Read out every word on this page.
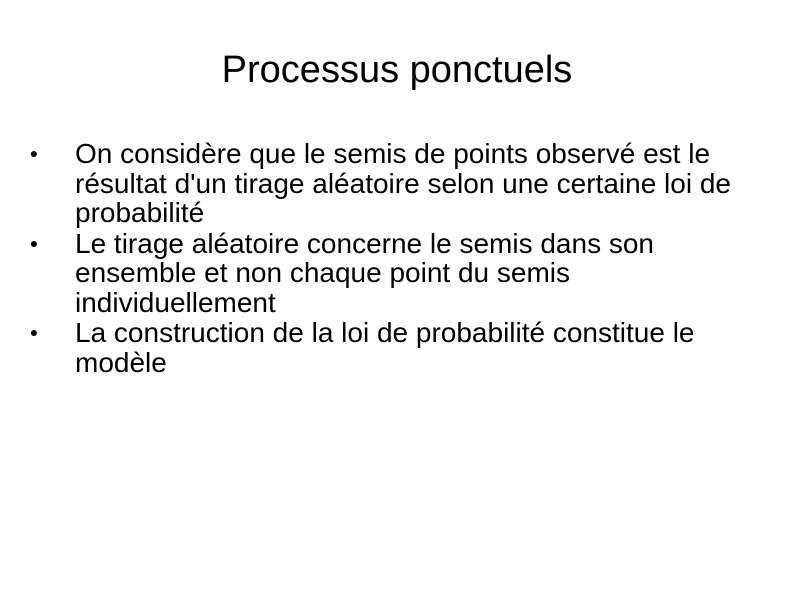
Processus ponctuels
● On considère que le semis de points observé est le résultat d'un tirage aléatoire selon une certaine loi de probabilité
● Le tirage aléatoire concerne le semis dans son ensemble et non chaque point du semis individuellement
● La construction de la loi de probabilité constitue le modèle
